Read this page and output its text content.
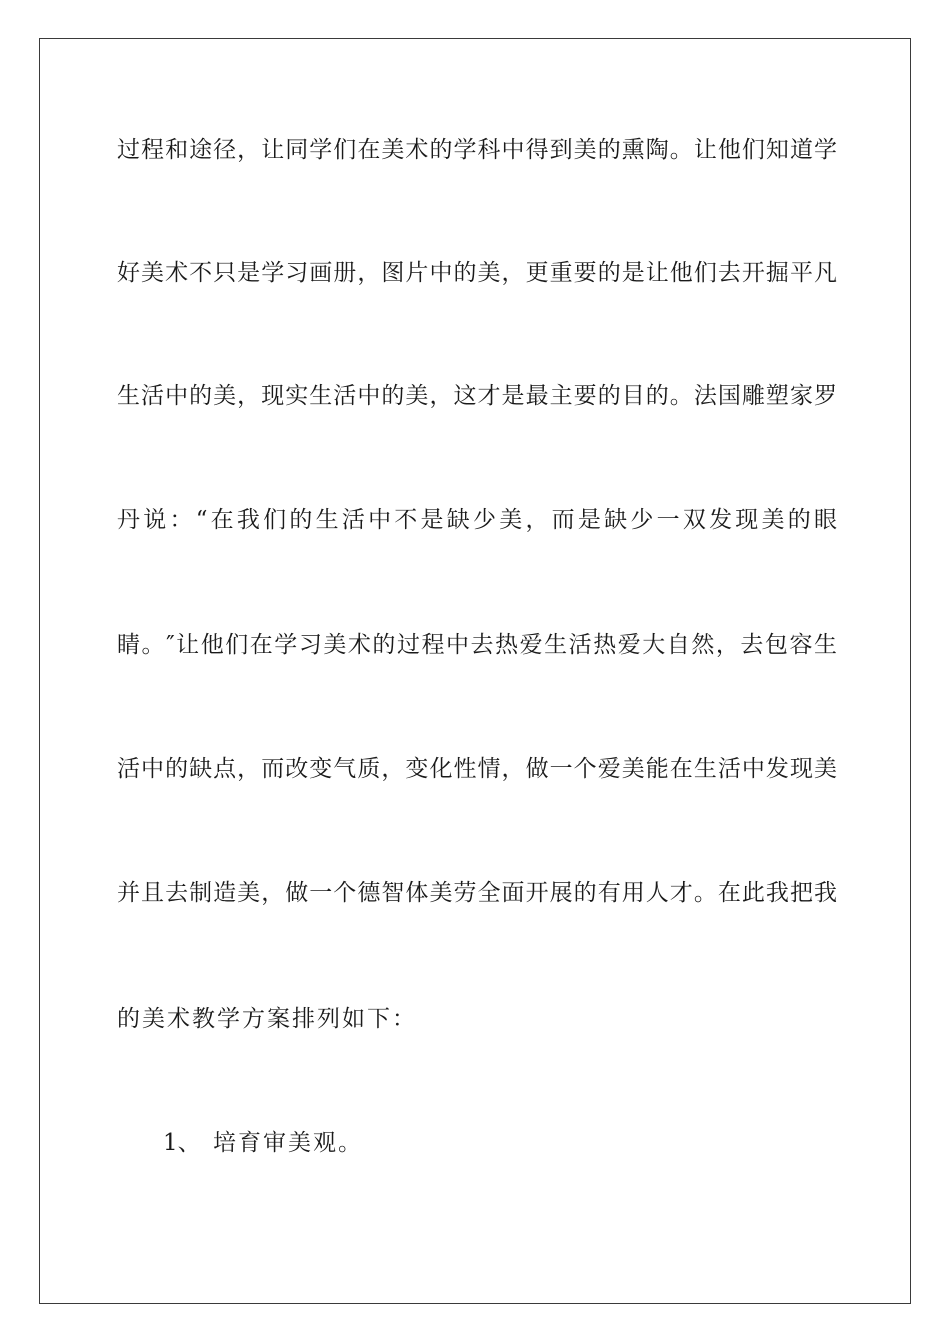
过程和途径，让同学们在美术的学科中得到美的熏陶。让他们知道学
好美术不只是学习画册，图片中的美，更重要的是让他们去开掘平凡
生活中的美，现实生活中的美，这才是最主要的目的。法国雕塑家罗
丹说：“在我们的生活中不是缺少美，而是缺少一双发现美的眼
睛。″让他们在学习美术的过程中去热爱生活热爱大自然，去包容生
活中的缺点，而改变气质，变化性情，做一个爱美能在生活中发现美
并且去制造美，做一个德智体美劳全面开展的有用人才。在此我把我
的美术教学方案排列如下：
1、 培育审美观。
